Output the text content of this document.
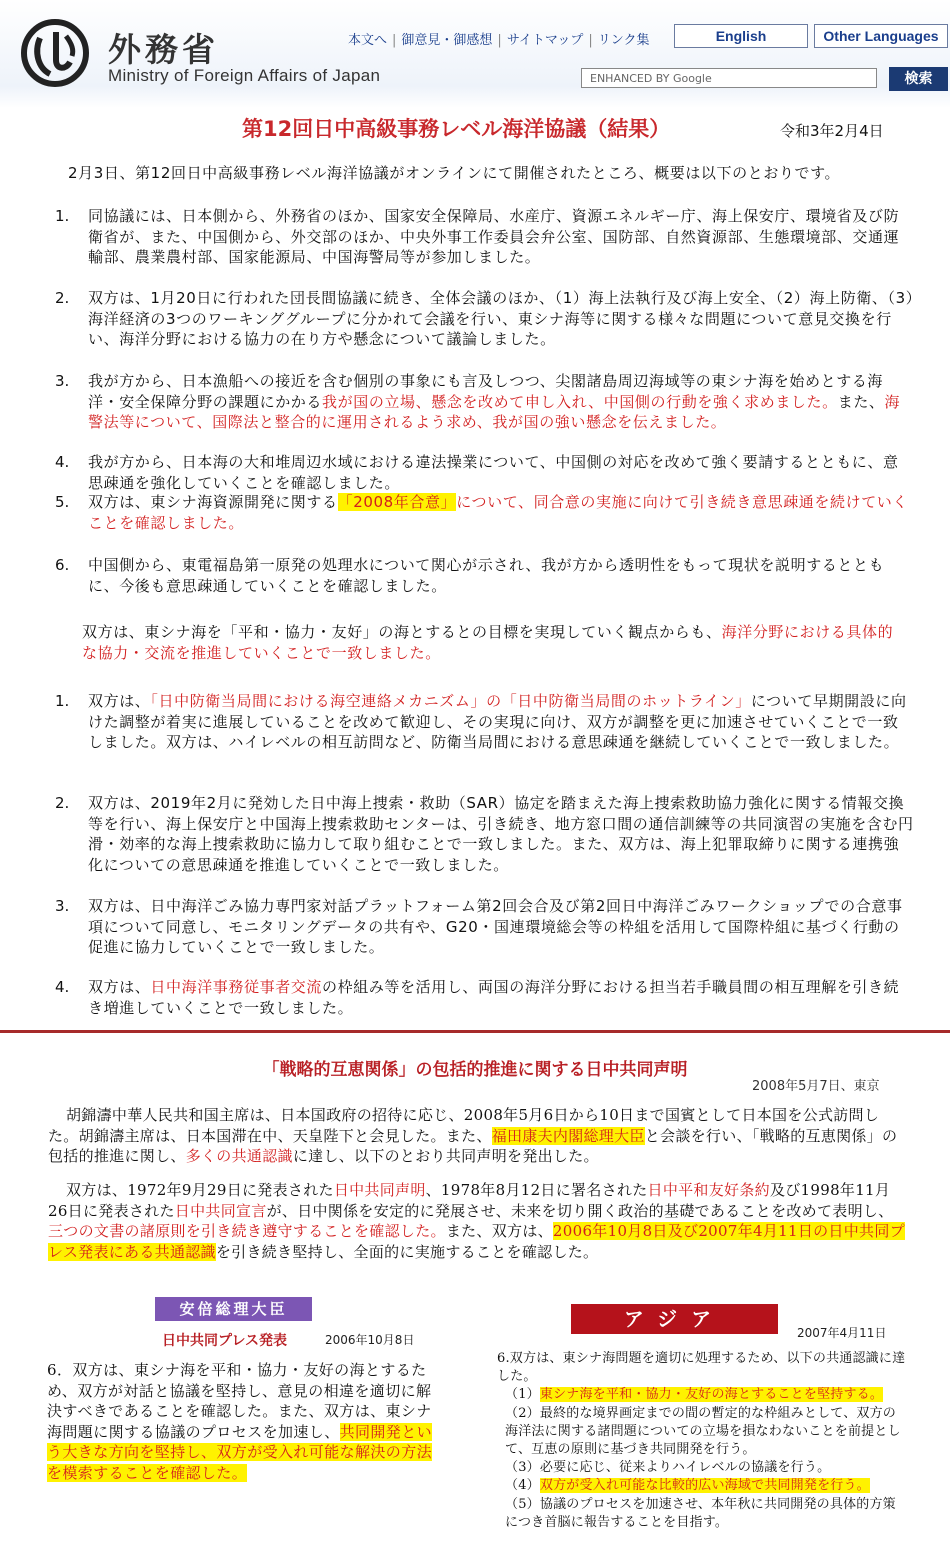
外務省
Ministry of Foreign Affairs of Japan
本文へ | 御意見・御感想 | サイトマップ | リンク集	English	Other Languages
ENHANCED BY Google	検索
第12回日中高級事務レベル海洋協議（結果）	令和3年2月4日
2月3日、第12回日中高級事務レベル海洋協議がオンラインにて開催されたところ、概要は以下のとおりです。
1. 同協議には、日本側から、外務省のほか、国家安全保障局、水産庁、資源エネルギー庁、海上保安庁、環境省及び防衛省が、また、中国側から、外交部のほか、中央外事工作委員会弁公室、国防部、自然資源部、生態環境部、交通運輸部、農業農村部、国家能源局、中国海警局等が参加しました。
2. 双方は、1月20日に行われた団長間協議に続き、全体会議のほか、（1）海上法執行及び海上安全、（2）海上防衛、（3）海洋経済の3つのワーキンググループに分かれて会議を行い、東シナ海等に関する様々な問題について意見交換を行い、海洋分野における協力の在り方や懸念について議論しました。
3. 我が方から、日本漁船への接近を含む個別の事象にも言及しつつ、尖閣諸島周辺海域等の東シナ海を始めとする海洋・安全保障分野の課題にかかる我が国の立場、懸念を改めて申し入れ、中国側の行動を強く求めました。また、海警法等について、国際法と整合的に運用されるよう求め、我が国の強い懸念を伝えました。
4. 我が方から、日本海の大和堆周辺水域における違法操業について、中国側の対応を改めて強く要請するとともに、意思疎通を強化していくことを確認しました。
5. 双方は、東シナ海資源開発に関する「2008年合意」について、同合意の実施に向けて引き続き意思疎通を続けていくことを確認しました。
6. 中国側から、東電福島第一原発の処理水について関心が示され、我が方から透明性をもって現状を説明するとともに、今後も意思疎通していくことを確認しました。
双方は、東シナ海を「平和・協力・友好」の海とするとの目標を実現していく観点からも、海洋分野における具体的な協力・交流を推進していくことで一致しました。
1. 双方は、「日中防衛当局間における海空連絡メカニズム」の「日中防衛当局間のホットライン」について早期開設に向けた調整が着実に進展していることを改めて歓迎し、その実現に向け、双方が調整を更に加速させていくことで一致しました。双方は、ハイレベルの相互訪問など、防衛当局間における意思疎通を継続していくことで一致しました。
2. 双方は、2019年2月に発効した日中海上捜索・救助（SAR）協定を踏まえた海上捜索救助協力強化に関する情報交換等を行い、海上保安庁と中国海上捜索救助センターは、引き続き、地方窓口間の通信訓練等の共同演習の実施を含む円滑・効率的な海上捜索救助に協力して取り組むことで一致しました。また、双方は、海上犯罪取締りに関する連携強化についての意思疎通を推進していくことで一致しました。
3. 双方は、日中海洋ごみ協力専門家対話プラットフォーム第2回会合及び第2回日中海洋ごみワークショップでの合意事項について同意し、モニタリングデータの共有や、G20・国連環境総会等の枠組を活用して国際枠組に基づく行動の促進に協力していくことで一致しました。
4. 双方は、日中海洋事務従事者交流の枠組み等を活用し、両国の海洋分野における担当若手職員間の相互理解を引き続き増進していくことで一致しました。
「戦略的互恵関係」の包括的推進に関する日中共同声明
2008年5月7日、東京
胡錦濤中華人民共和国主席は、日本国政府の招待に応じ、2008年5月6日から10日まで国賓として日本国を公式訪問した。胡錦濤主席は、日本国滞在中、天皇陛下と会見した。また、福田康夫内閣総理大臣と会談を行い、「戦略的互恵関係」の包括的推進に関し、多くの共通認識に達し、以下のとおり共同声明を発出した。
双方は、1972年9月29日に発表された日中共同声明、1978年8月12日に署名された日中平和友好条約及び1998年11月26日に発表された日中共同宣言が、日中関係を安定的に発展させ、未来を切り開く政治的基礎であることを改めて表明し、三つの文書の諸原則を引き続き遵守することを確認した。また、双方は、2006年10月8日及び2007年4月11日の日中共同プレス発表にある共通認識を引き続き堅持し、全面的に実施することを確認した。
安倍総理大臣
日中共同プレス発表	2006年10月8日
6．双方は、東シナ海を平和・協力・友好の海とするため、双方が対話と協議を堅持し、意見の相違を適切に解決すべきであることを確認した。また、双方は、東シナ海問題に関する協議のプロセスを加速し、共同開発という大きな方向を堅持し、双方が受入れ可能な解決の方法を模索することを確認した。
アジア
2007年4月11日
6.双方は、東シナ海問題を適切に処理するため、以下の共通認識に達した。
（1）東シナ海を平和・協力・友好の海とすることを堅持する。
（2）最終的な境界画定までの間の暫定的な枠組みとして、双方の海洋法に関する諸問題についての立場を損なわないことを前提として、互恵の原則に基づき共同開発を行う。
（3）必要に応じ、従来よりハイレベルの協議を行う。
（4）双方が受入れ可能な比較的広い海域で共同開発を行う。
（5）協議のプロセスを加速させ、本年秋に共同開発の具体的方策につき首脳に報告することを目指す。
